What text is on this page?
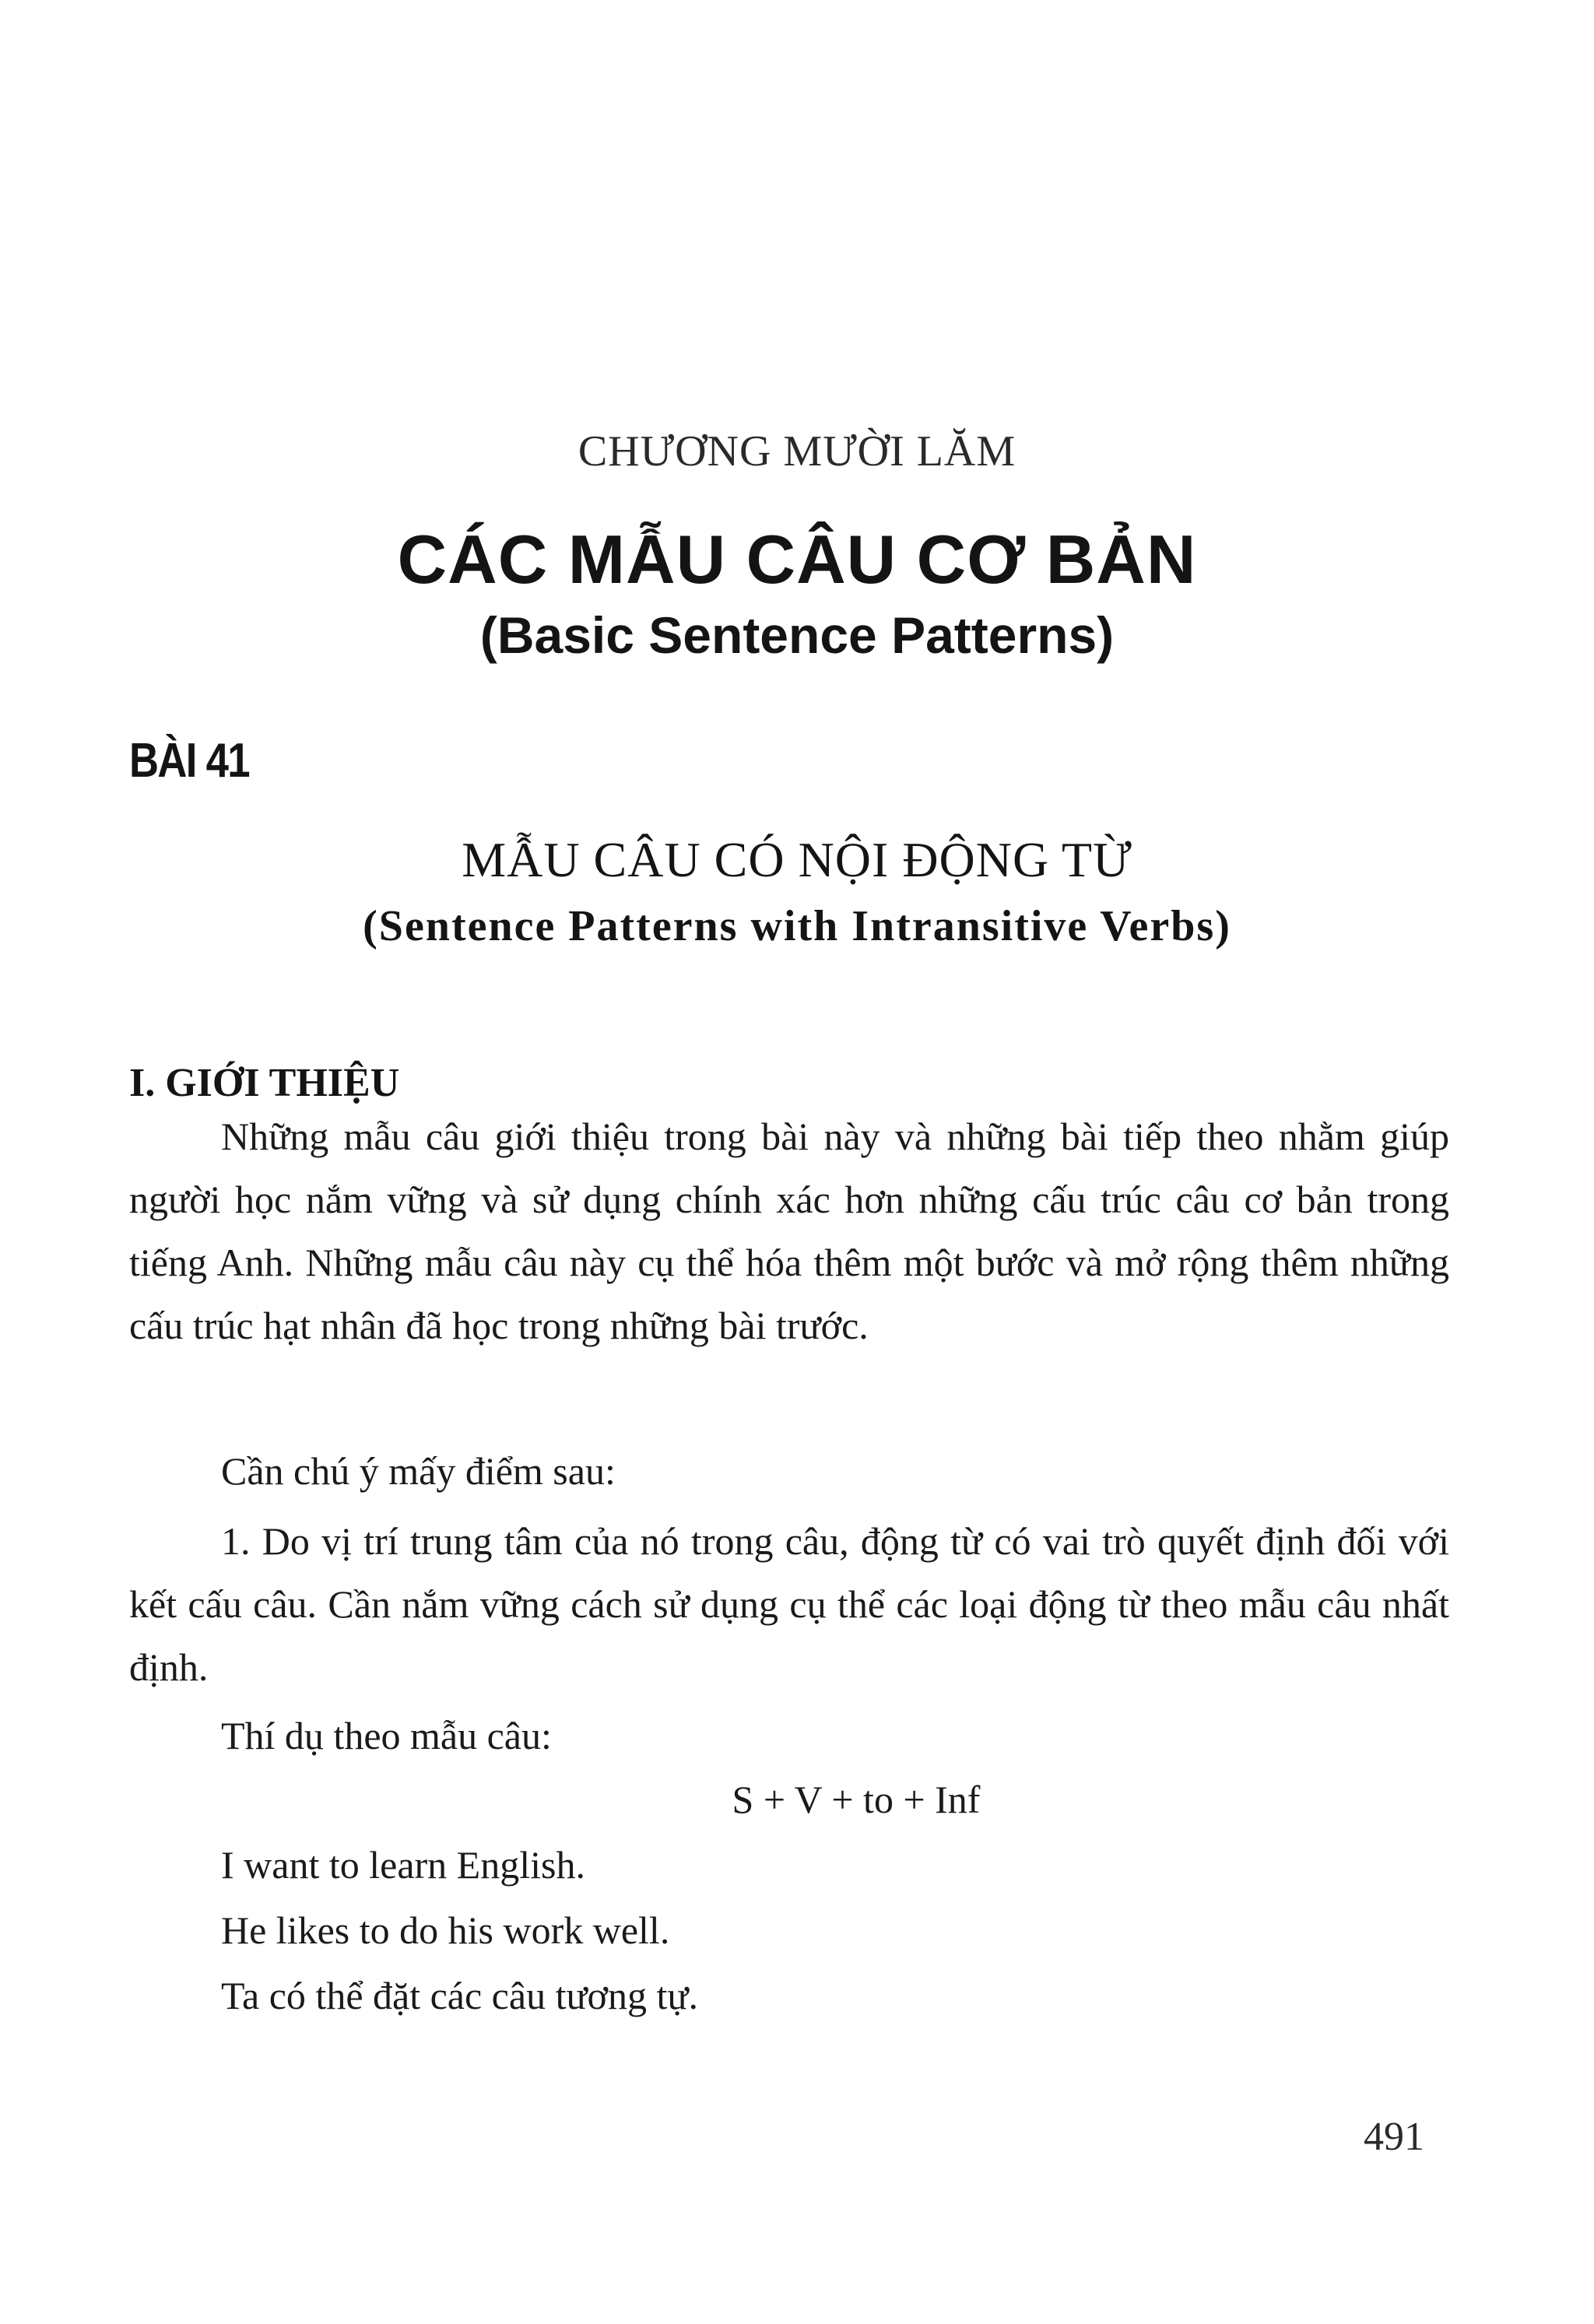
CHƯƠNG MƯỜI LĂM
CÁC MẪU CÂU CƠ BẢN
(Basic Sentence Patterns)
BÀI 41
MẪU CÂU CÓ NỘI ĐỘNG TỪ
(Sentence Patterns with Intransitive Verbs)
I. GIỚI THIỆU

Những mẫu câu giới thiệu trong bài này và những bài tiếp theo nhằm giúp người học nắm vững và sử dụng chính xác hơn những cấu trúc câu cơ bản trong tiếng Anh. Những mẫu câu này cụ thể hóa thêm một bước và mở rộng thêm những cấu trúc hạt nhân đã học trong những bài trước.

Cần chú ý mấy điểm sau:

1. Do vị trí trung tâm của nó trong câu, động từ có vai trò quyết định đối với kết cấu câu. Cần nắm vững cách sử dụng cụ thể các loại động từ theo mẫu câu nhất định.

Thí dụ theo mẫu câu:
S + V + to + Inf
I want to learn English.
He likes to do his work well.
Ta có thể đặt các câu tương tự.
491
